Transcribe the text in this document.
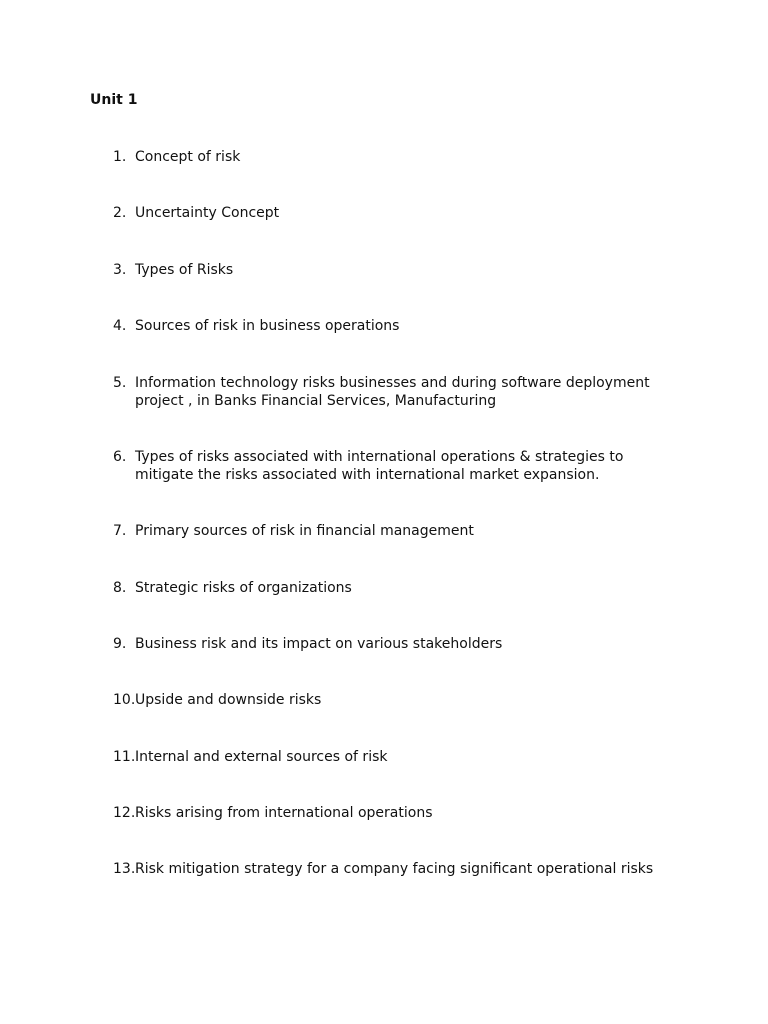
Unit 1
1. Concept of risk
2. Uncertainty Concept
3. Types of Risks
4. Sources of risk in business operations
5. Information technology risks businesses and during software deployment project , in Banks Financial Services, Manufacturing
6. Types of risks associated with international operations & strategies to mitigate the risks associated with international market expansion.
7. Primary sources of risk in financial management
8. Strategic risks of organizations
9. Business risk and its impact on various stakeholders
10. Upside and downside risks
11. Internal and external sources of risk
12. Risks arising from international operations
13. Risk mitigation strategy for a company facing significant operational risks
